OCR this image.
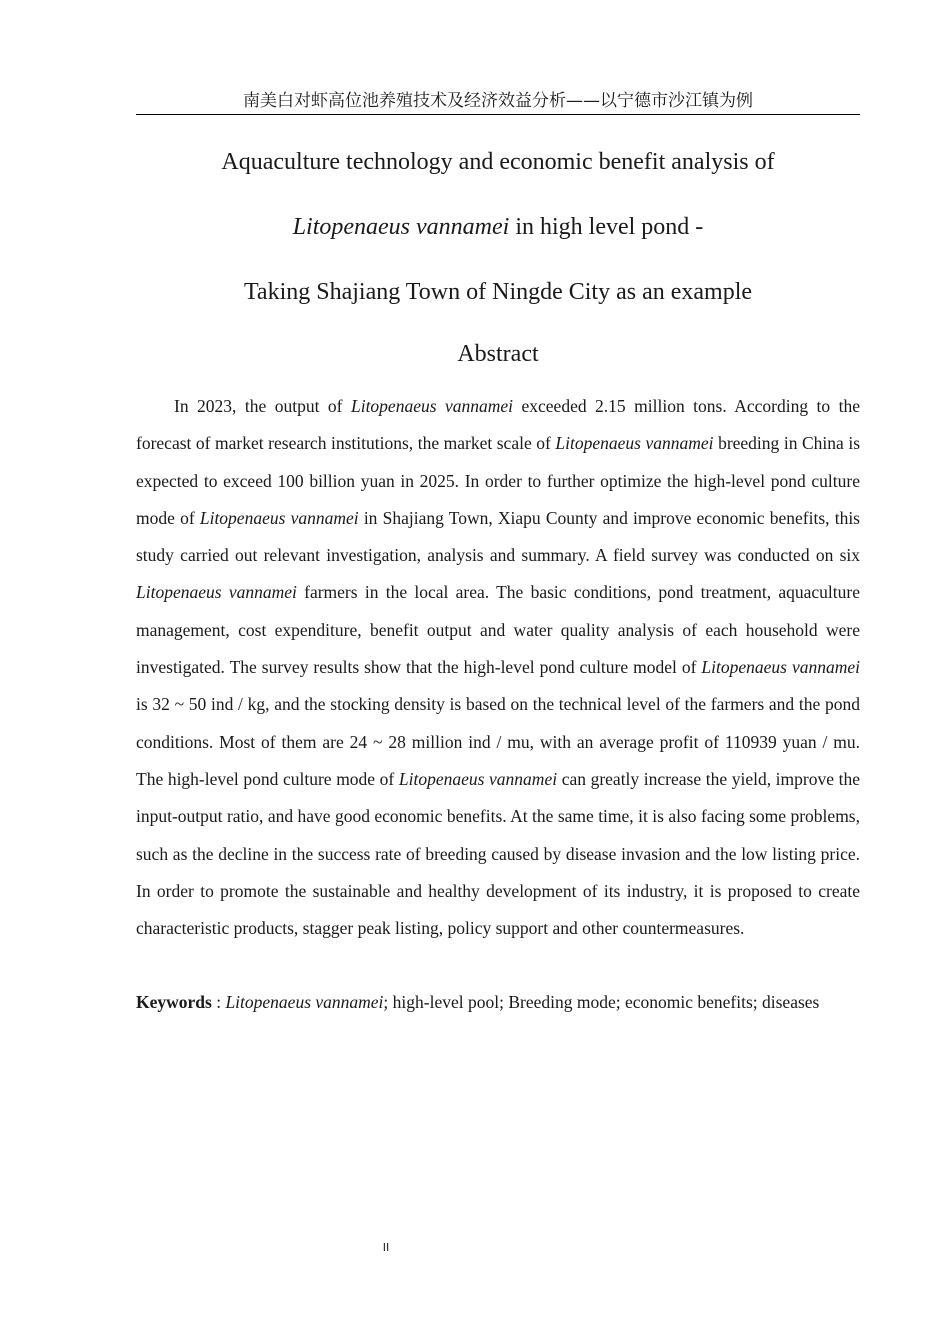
南美白对虾高位池养殖技术及经济效益分析——以宁德市沙江镇为例

Aquaculture technology and economic benefit analysis of

Litopenaeus vannamei in high level pond -

Taking Shajiang Town of Ningde City as an example

Abstract

In 2023, the output of Litopenaeus vannamei exceeded 2.15 million tons. According to the forecast of market research institutions, the market scale of Litopenaeus vannamei breeding in China is expected to exceed 100 billion yuan in 2025. In order to further optimize the high-level pond culture mode of Litopenaeus vannamei in Shajiang Town, Xiapu County and improve economic benefits, this study carried out relevant investigation, analysis and summary. A field survey was conducted on six Litopenaeus vannamei farmers in the local area. The basic conditions, pond treatment, aquaculture management, cost expenditure, benefit output and water quality analysis of each household were investigated. The survey results show that the high-level pond culture model of Litopenaeus vannamei is 32 ~ 50 ind / kg, and the stocking density is based on the technical level of the farmers and the pond conditions. Most of them are 24 ~ 28 million ind / mu, with an average profit of 110939 yuan / mu. The high-level pond culture mode of Litopenaeus vannamei can greatly increase the yield, improve the input-output ratio, and have good economic benefits. At the same time, it is also facing some problems, such as the decline in the success rate of breeding caused by disease invasion and the low listing price. In order to promote the sustainable and healthy development of its industry, it is proposed to create characteristic products, stagger peak listing, policy support and other countermeasures.

Keywords : Litopenaeus vannamei; high-level pool; Breeding mode; economic benefits; diseases

II
